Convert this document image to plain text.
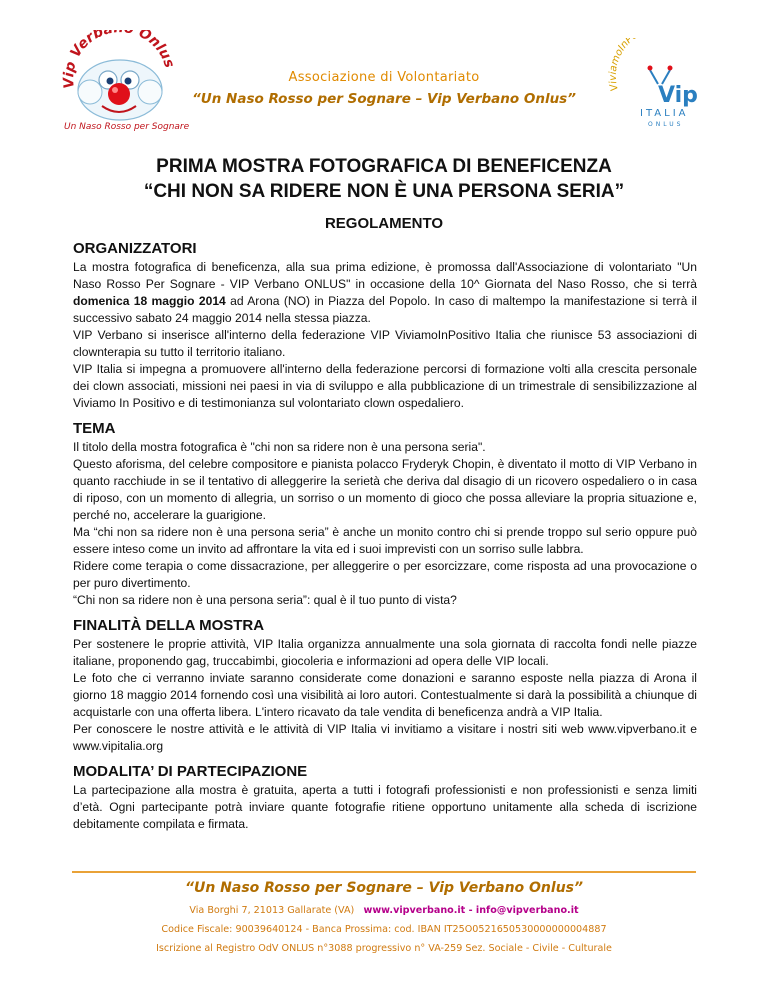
Vip Verb Onlus
Un Naso Rosso per Sognare
ViviamoInP
Vip
ITALIA
ONLUS
Associazione di Volontariato
“Un Naso Rosso per Sognare – Vip Verbano Onlus”
PRIMA MOSTRA FOTOGRAFICA DI BENEFICENZA
“CHI NON SA RIDERE NON È UNA PERSONA SERIA”
REGOLAMENTO
ORGANIZZATORI

La mostra fotografica di beneficenza, alla sua prima edizione, è promossa dall'Associazione di volontariato "Un Naso Rosso Per Sognare - VIP Verbano ONLUS" in occasione della 10^ Giornata del Naso Rosso, che si terrà domenica 18 maggio 2014 ad Arona (NO) in Piazza del Popolo. In caso di maltempo la manifestazione si terrà il successivo sabato 24 maggio 2014 nella stessa piazza.

VIP Verbano si inserisce all'interno della federazione VIP ViviamoInPositivo Italia che riunisce 53 associazioni di clownterapia su tutto il territorio italiano.

VIP Italia si impegna a promuovere all'interno della federazione percorsi di formazione volti alla crescita personale dei clown associati, missioni nei paesi in via di sviluppo e alla pubblicazione di un trimestrale di sensibilizzazione al Viviamo In Positivo e di testimonianza sul volontariato clown ospedaliero.

TEMA

Il titolo della mostra fotografica è "chi non sa ridere non è una persona seria".

Questo aforisma, del celebre compositore e pianista polacco Fryderyk Chopin, è diventato il motto di VIP Verbano in quanto racchiude in se il tentativo di alleggerire la serietà che deriva dal disagio di un ricovero ospedaliero o in casa di riposo, con un momento di allegria, un sorriso o un momento di gioco che possa alleviare la propria situazione e, perché no, accelerare la guarigione.

Ma “chi non sa ridere non è una persona seria” è anche un monito contro chi si prende troppo sul serio oppure può essere inteso come un invito ad affrontare la vita ed i suoi imprevisti con un sorriso sulle labbra.

Ridere come terapia o come dissacrazione, per alleggerire o per esorcizzare, come risposta ad una provocazione o per puro divertimento.

“Chi non sa ridere non è una persona seria”: qual è il tuo punto di vista?

FINALITÀ DELLA MOSTRA

Per sostenere le proprie attività, VIP Italia organizza annualmente una sola giornata di raccolta fondi nelle piazze italiane, proponendo gag, truccabimbi, giocoleria e informazioni ad opera delle VIP locali.

Le foto che ci verranno inviate saranno considerate come donazioni e saranno esposte nella piazza di Arona il giorno 18 maggio 2014 fornendo così una visibilità ai loro autori. Contestualmente si darà la possibilità a chiunque di acquistarle con una offerta libera. L'intero ricavato da tale vendita di beneficenza andrà a VIP Italia.

Per conoscere le nostre attività e le attività di VIP Italia vi invitiamo a visitare i nostri siti web www.vipverbano.it e www.vipitalia.org

MODALITA’ DI PARTECIPAZIONE

La partecipazione alla mostra è gratuita, aperta a tutti i fotografi professionisti e non professionisti e senza limiti d’età. Ogni partecipante potrà inviare quante fotografie ritiene opportuno unitamente alla scheda di iscrizione debitamente compilata e firmata.

“Un Naso Rosso per Sognare – Vip Verbano Onlus”
Via Borghi 7, 21013 Gallarate (VA) www.vipverbano.it - info@vipverbano.it
Codice Fiscale: 90039640124 - Banca Prossima: cod. IBAN IT25O0521650530000000004887
Iscrizione al Registro OdV ONLUS n°3088 progressivo n° VA-259 Sez. Sociale - Civile - Culturale
